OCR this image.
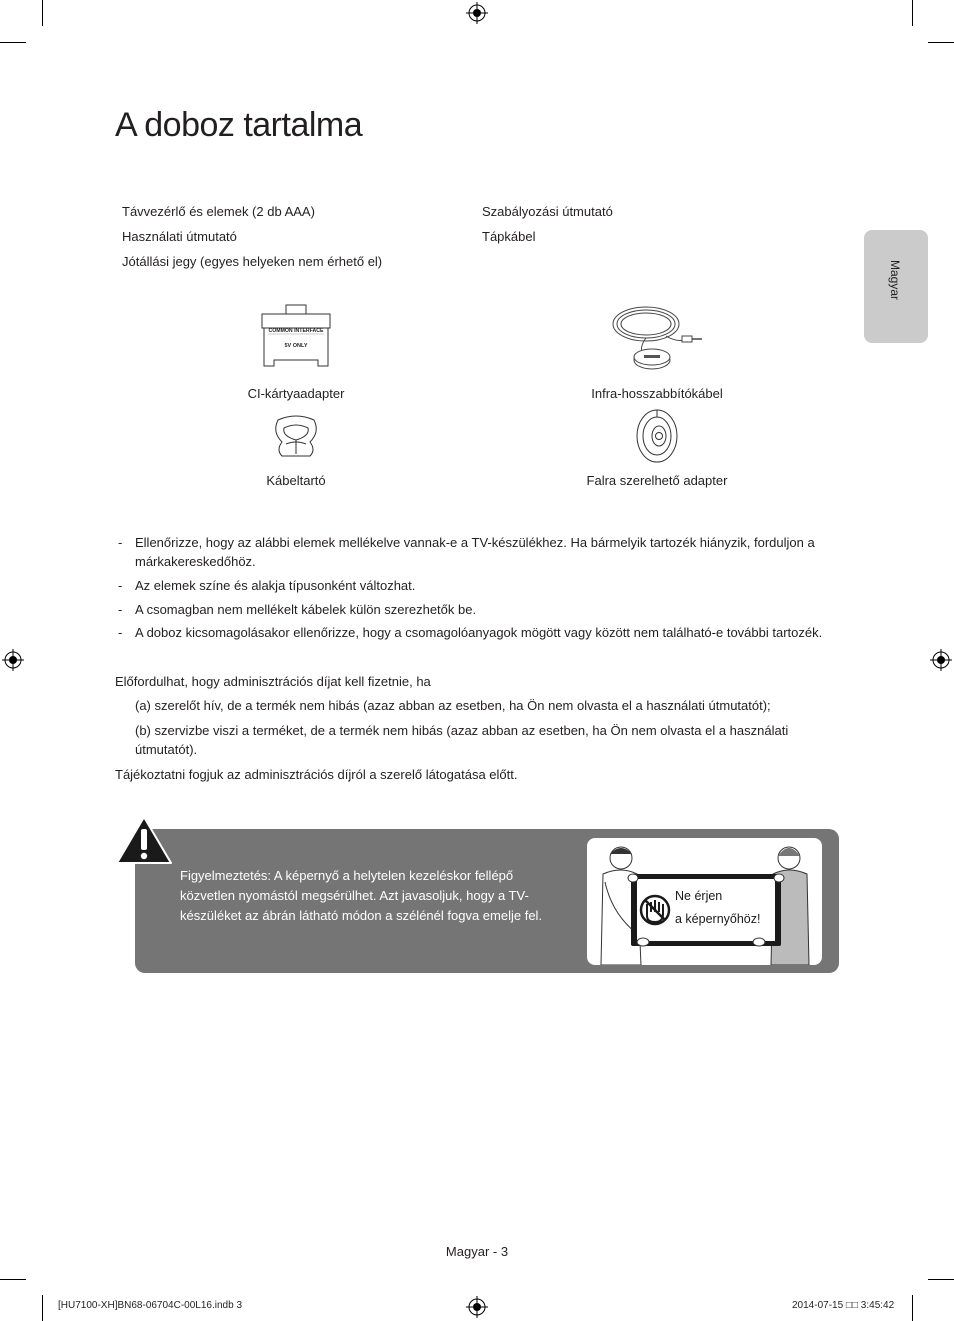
A doboz tartalma
Magyar
Távvezérlő és elemek (2 db AAA)
Használati útmutató
Jótállási jegy (egyes helyeken nem érhető el)
Szabályozási útmutató
Tápkábel
COMMON INTERFACE
5V ONLY
CI-kártyaadapter	Infra-hosszabbítókábel
Kábeltartó	Falra szerelhető adapter
- Ellenőrizze, hogy az alábbi elemek mellékelve vannak-e a TV-készülékhez. Ha bármelyik tartozék hiányzik, forduljon a márkakereskedőhöz.
- Az elemek színe és alakja típusonként változhat.
- A csomagban nem mellékelt kábelek külön szerezhetők be.
- A doboz kicsomagolásakor ellenőrizze, hogy a csomagolóanyagok mögött vagy között nem található-e további tartozék.
Előfordulhat, hogy adminisztrációs díjat kell fizetnie, ha
(a) szerelőt hív, de a termék nem hibás (azaz abban az esetben, ha Ön nem olvasta el a használati útmutatót);
(b) szervizbe viszi a terméket, de a termék nem hibás (azaz abban az esetben, ha Ön nem olvasta el a használati útmutatót).
Tájékoztatni fogjuk az adminisztrációs díjról a szerelő látogatása előtt.
Figyelmeztetés: A képernyő a helytelen kezeléskor fellépő közvetlen nyomástól megsérülhet. Azt javasoljuk, hogy a TV-készüléket az ábrán látható módon a szélénél fogva emelje fel.
Ne érjen
a képernyőhöz!
Magyar - 3
[HU7100-XH]BN68-06704C-00L16.indb 3	2014-07-15 □□ 3:45:42
